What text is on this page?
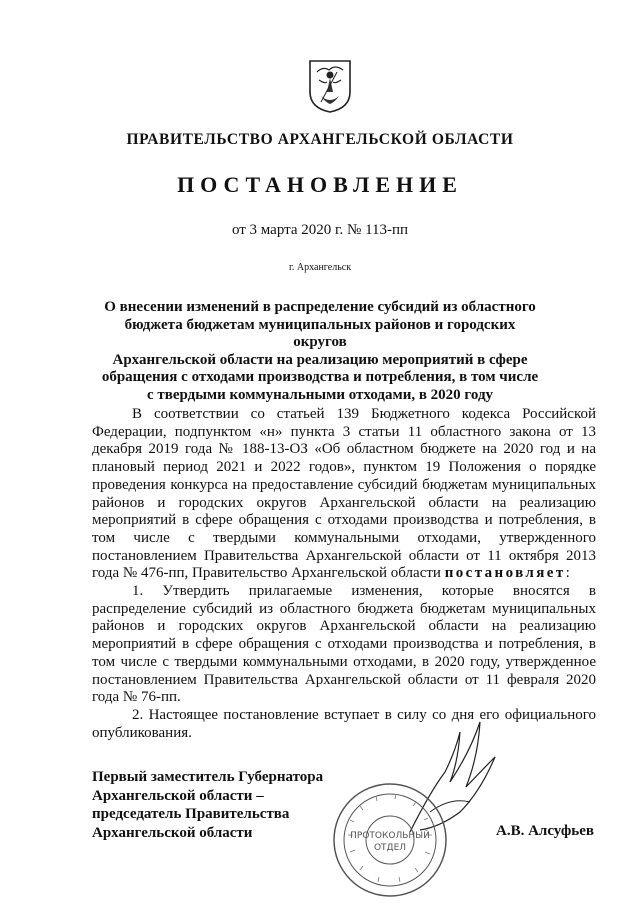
ПРАВИТЕЛЬСТВО АРХАНГЕЛЬСКОЙ ОБЛАСТИ
ПОСТАНОВЛЕНИЕ
от 3 марта 2020 г. № 113-пп
г. Архангельск
О внесении изменений в распределение субсидий из областного
бюджета бюджетам муниципальных районов и городских округов
Архангельской области на реализацию мероприятий в сфере
обращения с отходами производства и потребления, в том числе
с твердыми коммунальными отходами, в 2020 году

В соответствии со статьей 139 Бюджетного кодекса Российской Федерации, подпунктом «н» пункта 3 статьи 11 областного закона от 13 декабря 2019 года № 188-13-ОЗ «Об областном бюджете на 2020 год и на плановый период 2021 и 2022 годов», пунктом 19 Положения о порядке проведения конкурса на предоставление субсидий бюджетам муниципальных районов и городских округов Архангельской области на реализацию мероприятий в сфере обращения с отходами производства и потребления, в том числе с твердыми коммунальными отходами, утвержденного постановлением Правительства Архангельской области от 11 октября 2013 года № 476-пп, Правительство Архангельской области постановляет:

1. Утвердить прилагаемые изменения, которые вносятся в распределение субсидий из областного бюджета бюджетам муниципальных районов и городских округов Архангельской области на реализацию мероприятий в сфере обращения с отходами производства и потребления, в том числе с твердыми коммунальными отходами, в 2020 году, утвержденное постановлением Правительства Архангельской области от 11 февраля 2020 года № 76-пп.

2. Настоящее постановление вступает в силу со дня его официального опубликования.

ПРОТОКОЛЬНЫЙ
ОТДЕЛ
Первый заместитель Губернатора
Архангельской области –
председатель Правительства
Архангельской области	А.В. Алсуфьев
